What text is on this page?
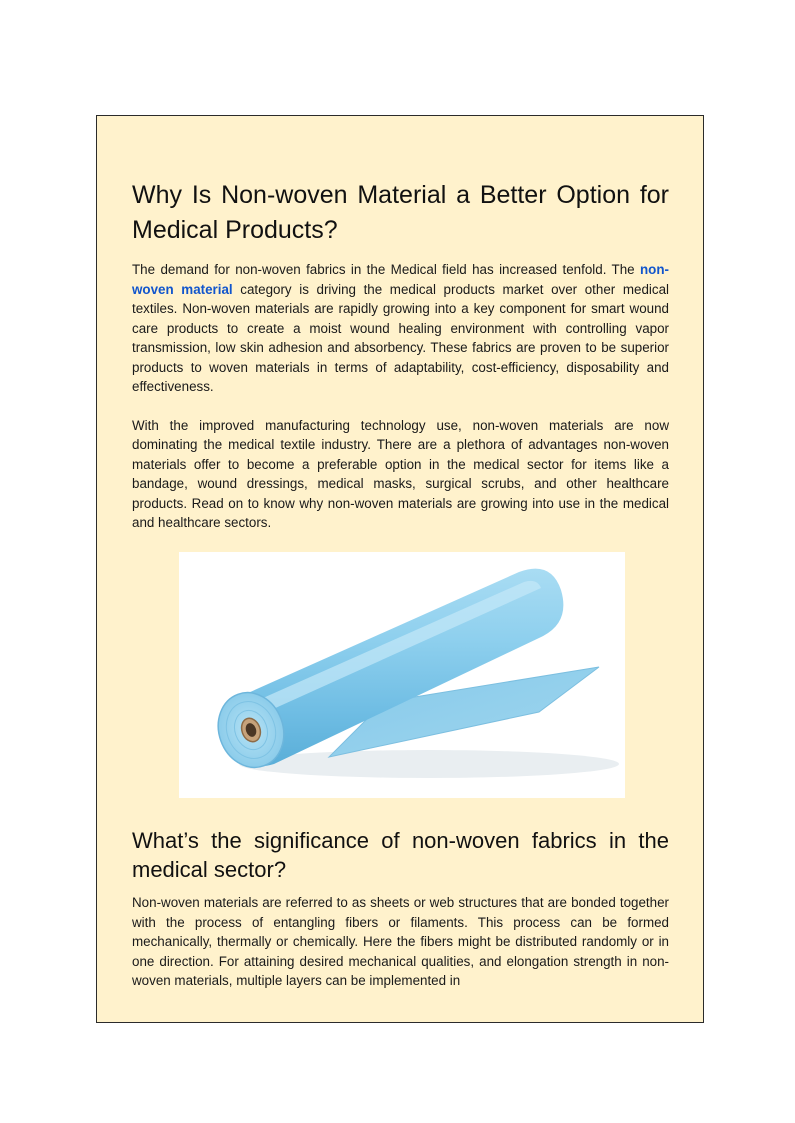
Why Is Non-woven Material a Better Option for Medical Products?

The demand for non-woven fabrics in the Medical field has increased tenfold. The non-woven material category is driving the medical products market over other medical textiles. Non-woven materials are rapidly growing into a key component for smart wound care products to create a moist wound healing environment with controlling vapor transmission, low skin adhesion and absorbency. These fabrics are proven to be superior products to woven materials in terms of adaptability, cost-efficiency, disposability and effectiveness.

With the improved manufacturing technology use, non-woven materials are now dominating the medical textile industry. There are a plethora of advantages non-woven materials offer to become a preferable option in the medical sector for items like a bandage, wound dressings, medical masks, surgical scrubs, and other healthcare products. Read on to know why non-woven materials are growing into use in the medical and healthcare sectors.

What’s the significance of non-woven fabrics in the medical sector?

Non-woven materials are referred to as sheets or web structures that are bonded together with the process of entangling fibers or filaments. This process can be formed mechanically, thermally or chemically. Here the fibers might be distributed randomly or in one direction. For attaining desired mechanical qualities, and elongation strength in non-woven materials, multiple layers can be implemented in
